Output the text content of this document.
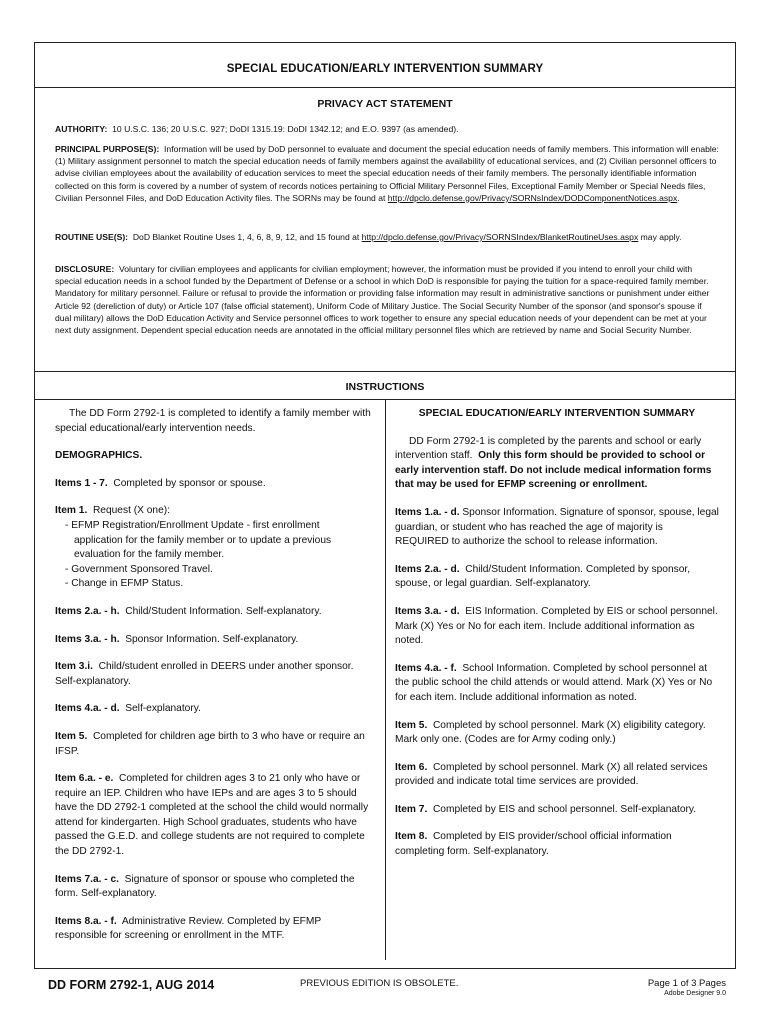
SPECIAL EDUCATION/EARLY INTERVENTION SUMMARY
PRIVACY ACT STATEMENT
AUTHORITY: 10 U.S.C. 136; 20 U.S.C. 927; DoDI 1315.19: DoDI 1342.12; and E.O. 9397 (as amended).
PRINCIPAL PURPOSE(S): Information will be used by DoD personnel to evaluate and document the special education needs of family members. This information will enable: (1) Military assignment personnel to match the special education needs of family members against the availability of educational services, and (2) Civilian personnel officers to advise civilian employees about the availability of education services to meet the special education needs of their family members. The personally identifiable information collected on this form is covered by a number of system of records notices pertaining to Official Military Personnel Files, Exceptional Family Member or Special Needs files, Civilian Personnel Files, and DoD Education Activity files. The SORNs may be found at http://dpclo.defense.gov/Privacy/SORNsIndex/DODComponentNotices.aspx.
ROUTINE USE(S): DoD Blanket Routine Uses 1, 4, 6, 8, 9, 12, and 15 found at http://dpclo.defense.gov/Privacy/SORNSIndex/BlanketRoutineUses.aspx may apply.
DISCLOSURE: Voluntary for civilian employees and applicants for civilian employment; however, the information must be provided if you intend to enroll your child with special education needs in a school funded by the Department of Defense or a school in which DoD is responsible for paying the tuition for a space-required family member. Mandatory for military personnel. Failure or refusal to provide the information or providing false information may result in administrative sanctions or punishment under either Article 92 (dereliction of duty) or Article 107 (false official statement), Uniform Code of Military Justice. The Social Security Number of the sponsor (and sponsor's spouse if dual military) allows the DoD Education Activity and Service personnel offices to work together to ensure any special education needs of your dependent can be met at your next duty assignment. Dependent special education needs are annotated in the official military personnel files which are retrieved by name and Social Security Number.
INSTRUCTIONS

The DD Form 2792-1 is completed to identify a family member with special educational/early intervention needs.

DEMOGRAPHICS.

Items 1 - 7. Completed by sponsor or spouse.

Item 1. Request (X one):

- EFMP Registration/Enrollment Update - first enrollment application for the family member or to update a previous evaluation for the family member.
- Government Sponsored Travel.
- Change in EFMP Status.

Items 2.a. - h. Child/Student Information. Self-explanatory.

Items 3.a. - h. Sponsor Information. Self-explanatory.

Item 3.i. Child/student enrolled in DEERS under another sponsor. Self-explanatory.

Items 4.a. - d. Self-explanatory.

Item 5. Completed for children age birth to 3 who have or require an IFSP.

Item 6.a. - e. Completed for children ages 3 to 21 only who have or require an IEP. Children who have IEPs and are ages 3 to 5 should have the DD 2792-1 completed at the school the child would normally attend for kindergarten. High School graduates, students who have passed the G.E.D. and college students are not required to complete the DD 2792-1.

Items 7.a. - c. Signature of sponsor or spouse who completed the form. Self-explanatory.

Items 8.a. - f. Administrative Review. Completed by EFMP responsible for screening or enrollment in the MTF.

SPECIAL EDUCATION/EARLY INTERVENTION SUMMARY

DD Form 2792-1 is completed by the parents and school or early intervention staff. Only this form should be provided to school or early intervention staff. Do not include medical information forms that may be used for EFMP screening or enrollment.

Items 1.a. - d. Sponsor Information. Signature of sponsor, spouse, legal guardian, or student who has reached the age of majority is REQUIRED to authorize the school to release information.

Items 2.a. - d. Child/Student Information. Completed by sponsor, spouse, or legal guardian. Self-explanatory.

Items 3.a. - d. EIS Information. Completed by EIS or school personnel. Mark (X) Yes or No for each item. Include additional information as noted.

Items 4.a. - f. School Information. Completed by school personnel at the public school the child attends or would attend. Mark (X) Yes or No for each item. Include additional information as noted.

Item 5. Completed by school personnel. Mark (X) eligibility category. Mark only one. (Codes are for Army coding only.)

Item 6. Completed by school personnel. Mark (X) all related services provided and indicate total time services are provided.

Item 7. Completed by EIS and school personnel. Self-explanatory.

Item 8. Completed by EIS provider/school official information completing form. Self-explanatory.

DD FORM 2792-1, AUG 2014	PREVIOUS EDITION IS OBSOLETE.	Page 1 of 3 Pages
Adobe Designer 9.0
